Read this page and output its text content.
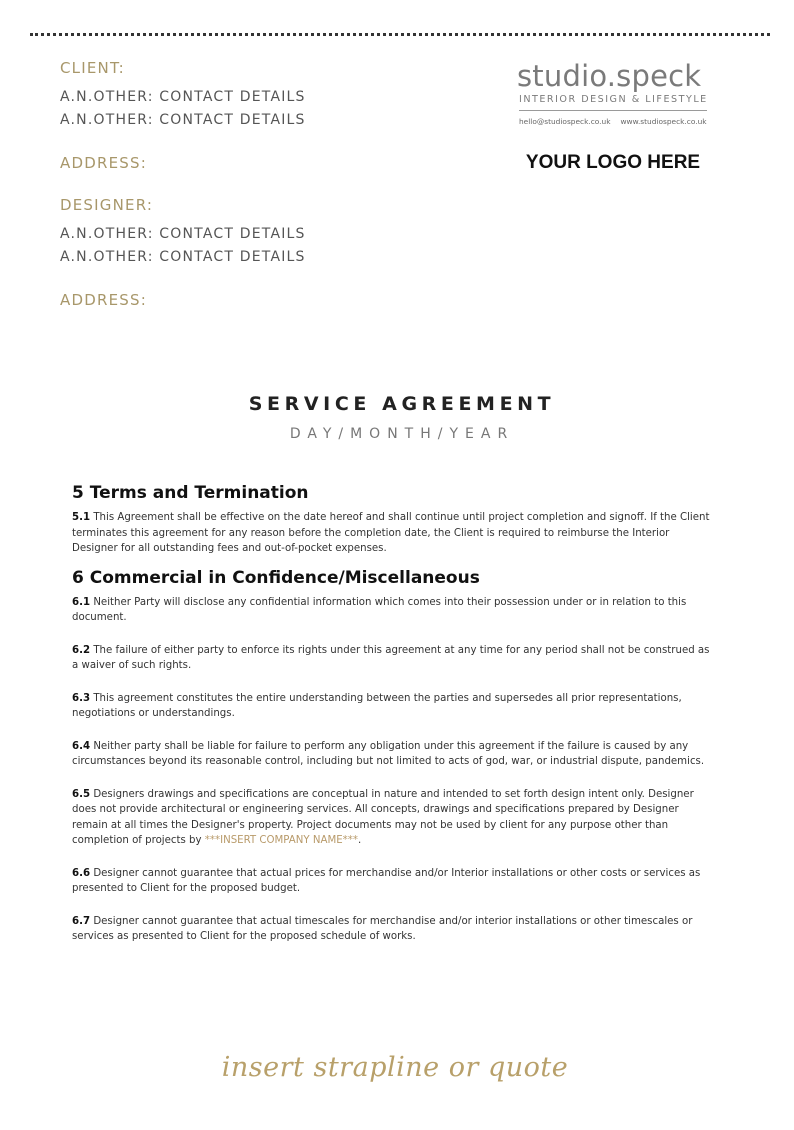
CLIENT:

A.N.OTHER: CONTACT DETAILS

A.N.OTHER: CONTACT DETAILS

ADDRESS:

DESIGNER:

A.N.OTHER: CONTACT DETAILS

A.N.OTHER: CONTACT DETAILS

ADDRESS:

studio.speck

INTERIOR DESIGN & LIFESTYLE
hello@studiospeck.co.uk www.studiospeck.co.uk
YOUR LOGO HERE
SERVICE AGREEMENT
DAY/MONTH/YEAR

5 Terms and Termination

5.1 This Agreement shall be effective on the date hereof and shall continue until project completion and signoff. If the Client terminates this agreement for any reason before the completion date, the Client is required to reimburse the Interior Designer for all outstanding fees and out-of-pocket expenses.

6 Commercial in Confidence/Miscellaneous

6.1 Neither Party will disclose any confidential information which comes into their possession under or in relation to this document.

6.2 The failure of either party to enforce its rights under this agreement at any time for any period shall not be construed as a waiver of such rights.

6.3 This agreement constitutes the entire understanding between the parties and supersedes all prior representations, negotiations or understandings.

6.4 Neither party shall be liable for failure to perform any obligation under this agreement if the failure is caused by any circumstances beyond its reasonable control, including but not limited to acts of god, war, or industrial dispute, pandemics.

6.5 Designers drawings and specifications are conceptual in nature and intended to set forth design intent only. Designer does not provide architectural or engineering services. All concepts, drawings and specifications prepared by Designer remain at all times the Designer's property. Project documents may not be used by client for any purpose other than completion of projects by ***INSERT COMPANY NAME***.

6.6 Designer cannot guarantee that actual prices for merchandise and/or Interior installations or other costs or services as presented to Client for the proposed budget.

6.7 Designer cannot guarantee that actual timescales for merchandise and/or interior installations or other timescales or services as presented to Client for the proposed schedule of works.

insert strapline or quote
